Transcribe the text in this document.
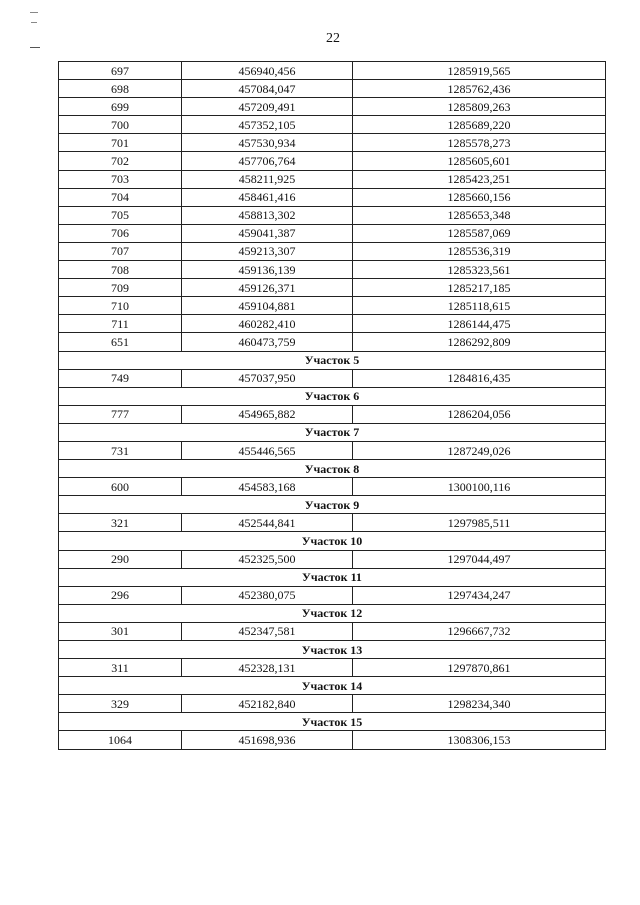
22
697	456940,456	1285919,565
698	457084,047	1285762,436
699	457209,491	1285809,263
700	457352,105	1285689,220
701	457530,934	1285578,273
702	457706,764	1285605,601
703	458211,925	1285423,251
704	458461,416	1285660,156
705	458813,302	1285653,348
706	459041,387	1285587,069
707	459213,307	1285536,319
708	459136,139	1285323,561
709	459126,371	1285217,185
710	459104,881	1285118,615
711	460282,410	1286144,475
651	460473,759	1286292,809
Участок 5		
749	457037,950	1284816,435
Участок 6		
777	454965,882	1286204,056
Участок 7		
731	455446,565	1287249,026
Участок 8		
600	454583,168	1300100,116
Участок 9		
321	452544,841	1297985,511
Участок 10		
290	452325,500	1297044,497
Участок 11		
296	452380,075	1297434,247
Участок 12		
301	452347,581	1296667,732
Участок 13		
311	452328,131	1297870,861
Участок 14		
329	452182,840	1298234,340
Участок 15		
1064	451698,936	1308306,153
